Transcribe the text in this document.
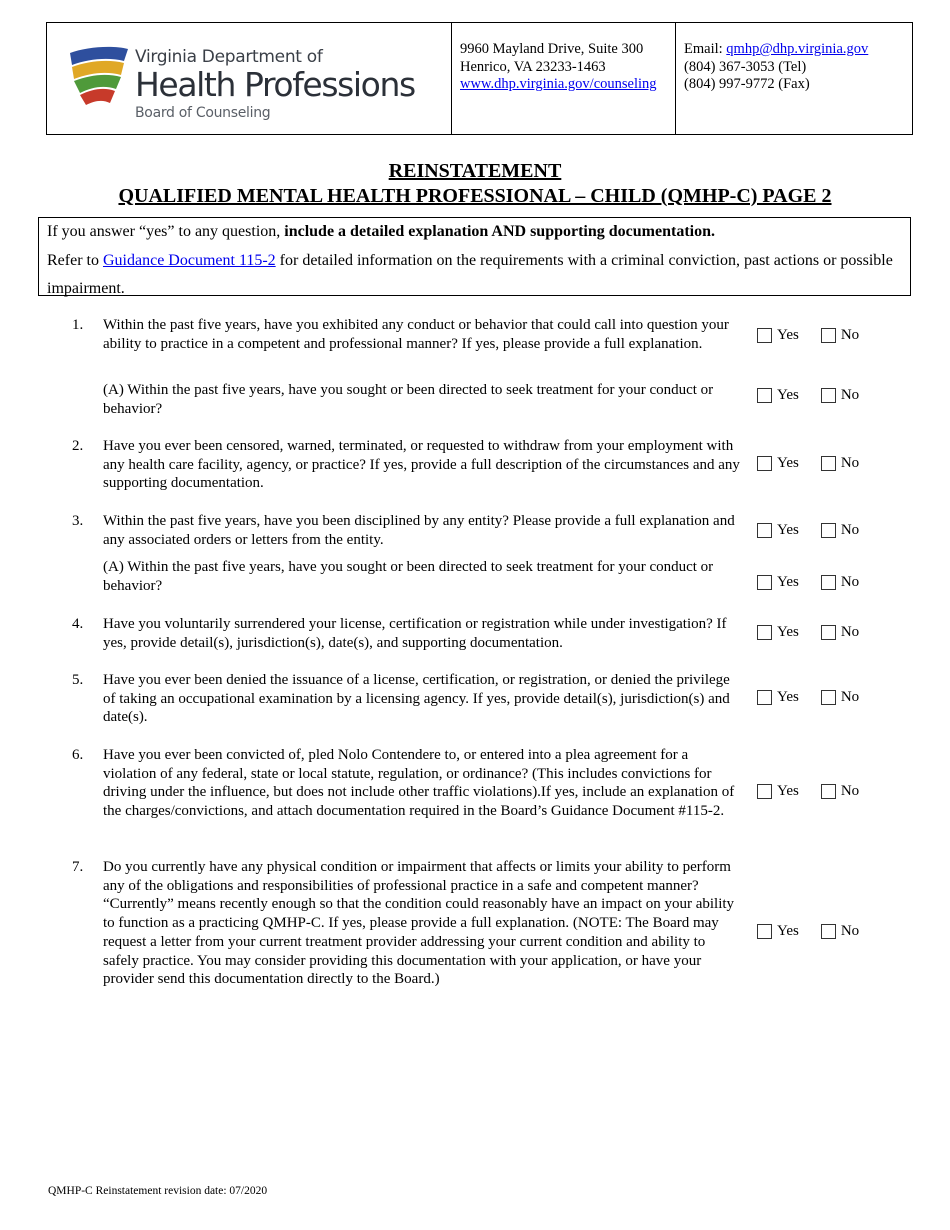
Virginia Department of
Health Professions
Board of Counseling
9960 Mayland Drive, Suite 300
Henrico, VA 23233-1463
www.dhp.virginia.gov/counseling
Email: qmhp@dhp.virginia.gov
(804) 367-3053 (Tel)
(804) 997-9772 (Fax)
REINSTATEMENT
QUALIFIED MENTAL HEALTH PROFESSIONAL – CHILD (QMHP-C) PAGE 2
If you answer “yes” to any question, include a detailed explanation AND supporting documentation.
Refer to Guidance Document 115-2 for detailed information on the requirements with a criminal conviction, past actions or possible impairment.
1. Within the past five years, have you exhibited any conduct or behavior that could call into question your ability to practice in a competent and professional manner? If yes, please provide a full explanation.
Yes	No
(A) Within the past five years, have you sought or been directed to seek treatment for your conduct or behavior?
Yes	No
2. Have you ever been censored, warned, terminated, or requested to withdraw from your employment with any health care facility, agency, or practice? If yes, provide a full description of the circumstances and any supporting documentation.
Yes	No
3. Within the past five years, have you been disciplined by any entity? Please provide a full explanation and any associated orders or letters from the entity.
Yes	No
(A) Within the past five years, have you sought or been directed to seek treatment for your conduct or behavior?	Yes	No
4. Have you voluntarily surrendered your license, certification or registration while under investigation? If yes, provide detail(s), jurisdiction(s), date(s), and supporting documentation.
Yes	No
5. Have you ever been denied the issuance of a license, certification, or registration, or denied the privilege of taking an occupational examination by a licensing agency. If yes, provide detail(s), jurisdiction(s) and date(s).
Yes	No
6. Have you ever been convicted of, pled Nolo Contendere to, or entered into a plea agreement for a violation of any federal, state or local statute, regulation, or ordinance? (This includes convictions for driving under the influence, but does not include other traffic violations).If yes, include an explanation of the charges/convictions, and attach documentation required in the Board’s Guidance Document #115-2.
Yes	No
7. Do you currently have any physical condition or impairment that affects or limits your ability to perform any of the obligations and responsibilities of professional practice in a safe and competent manner? “Currently” means recently enough so that the condition could reasonably have an impact on your ability to function as a practicing QMHP-C. If yes, please provide a full explanation. (NOTE: The Board may request a letter from your current treatment provider addressing your current condition and ability to safely practice. You may consider providing this documentation with your application, or have your provider send this documentation directly to the Board.)
Yes	No
QMHP-C Reinstatement revision date: 07/2020
